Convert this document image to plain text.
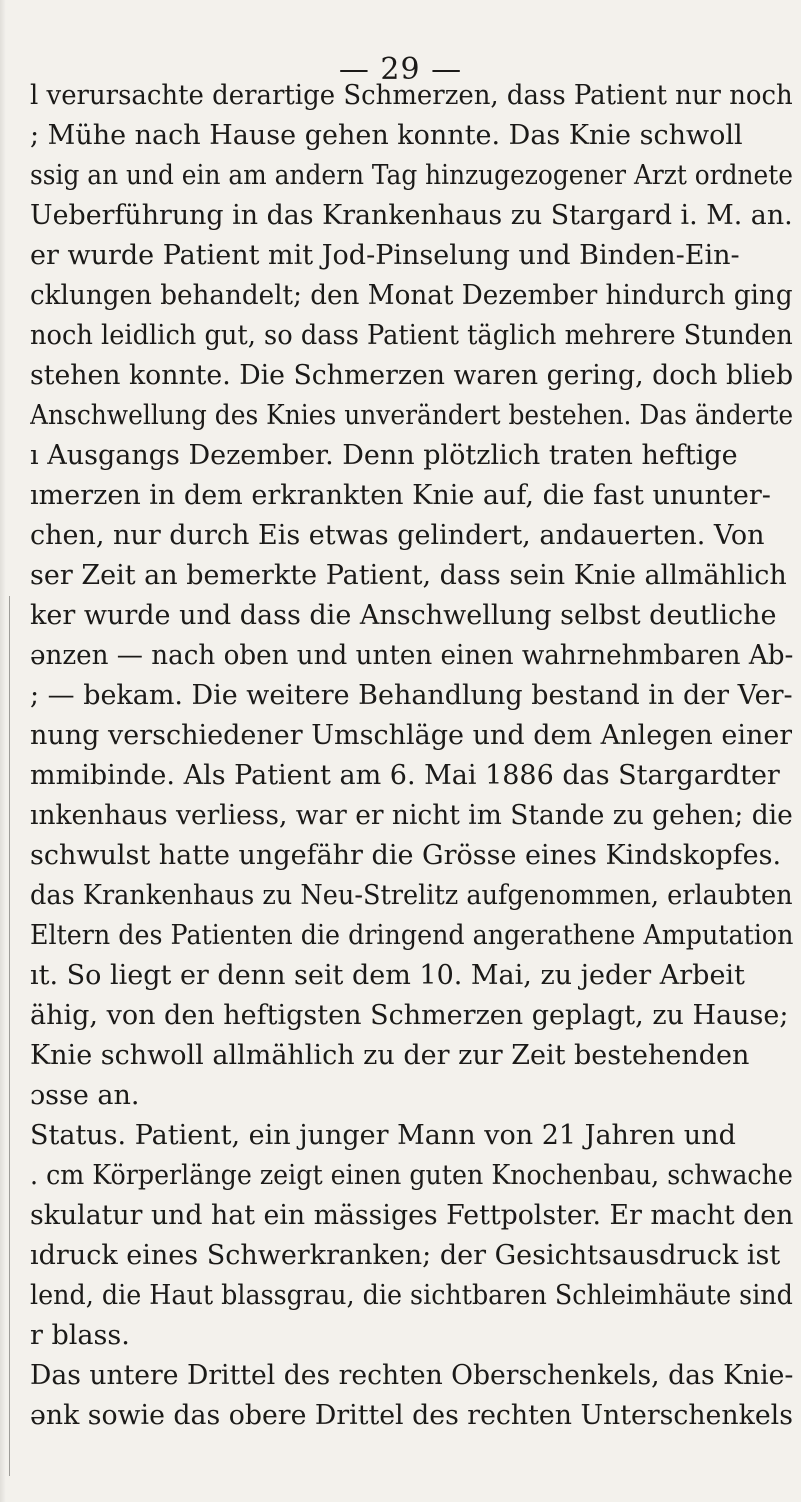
— 29 —
l verursachte derartige Schmerzen, dass Patient nur noch
; Mühe nach Hause gehen konnte. Das Knie schwoll
ssig an und ein am andern Tag hinzugezogener Arzt ordnete
Ueberführung in das Krankenhaus zu Stargard i. M. an.
er wurde Patient mit Jod-Pinselung und Binden-Ein-
cklungen behandelt; den Monat Dezember hindurch ging
noch leidlich gut, so dass Patient täglich mehrere Stunden
stehen konnte. Die Schmerzen waren gering, doch blieb
Anschwellung des Knies unverändert bestehen. Das änderte
ı Ausgangs Dezember. Denn plötzlich traten heftige
ımerzen in dem erkrankten Knie auf, die fast ununter-
chen, nur durch Eis etwas gelindert, andauerten. Von
ser Zeit an bemerkte Patient, dass sein Knie allmählich
ker wurde und dass die Anschwellung selbst deutliche
ənzen — nach oben und unten einen wahrnehmbaren Ab-
; — bekam. Die weitere Behandlung bestand in der Ver-
nung verschiedener Umschläge und dem Anlegen einer
mmibinde. Als Patient am 6. Mai 1886 das Stargardter
ınkenhaus verliess, war er nicht im Stande zu gehen; die
schwulst hatte ungefähr die Grösse eines Kindskopfes.
das Krankenhaus zu Neu-Strelitz aufgenommen, erlaubten
Eltern des Patienten die dringend angerathene Amputation
ıt. So liegt er denn seit dem 10. Mai, zu jeder Arbeit
ähig, von den heftigsten Schmerzen geplagt, zu Hause;
Knie schwoll allmählich zu der zur Zeit bestehenden
ɔsse an.
Status. Patient, ein junger Mann von 21 Jahren und
. cm Körperlänge zeigt einen guten Knochenbau, schwache
skulatur und hat ein mässiges Fettpolster. Er macht den
ıdruck eines Schwerkranken; der Gesichtsausdruck ist
lend, die Haut blassgrau, die sichtbaren Schleimhäute sind
r blass.
Das untere Drittel des rechten Oberschenkels, das Knie-
ənk sowie das obere Drittel des rechten Unterschenkels
